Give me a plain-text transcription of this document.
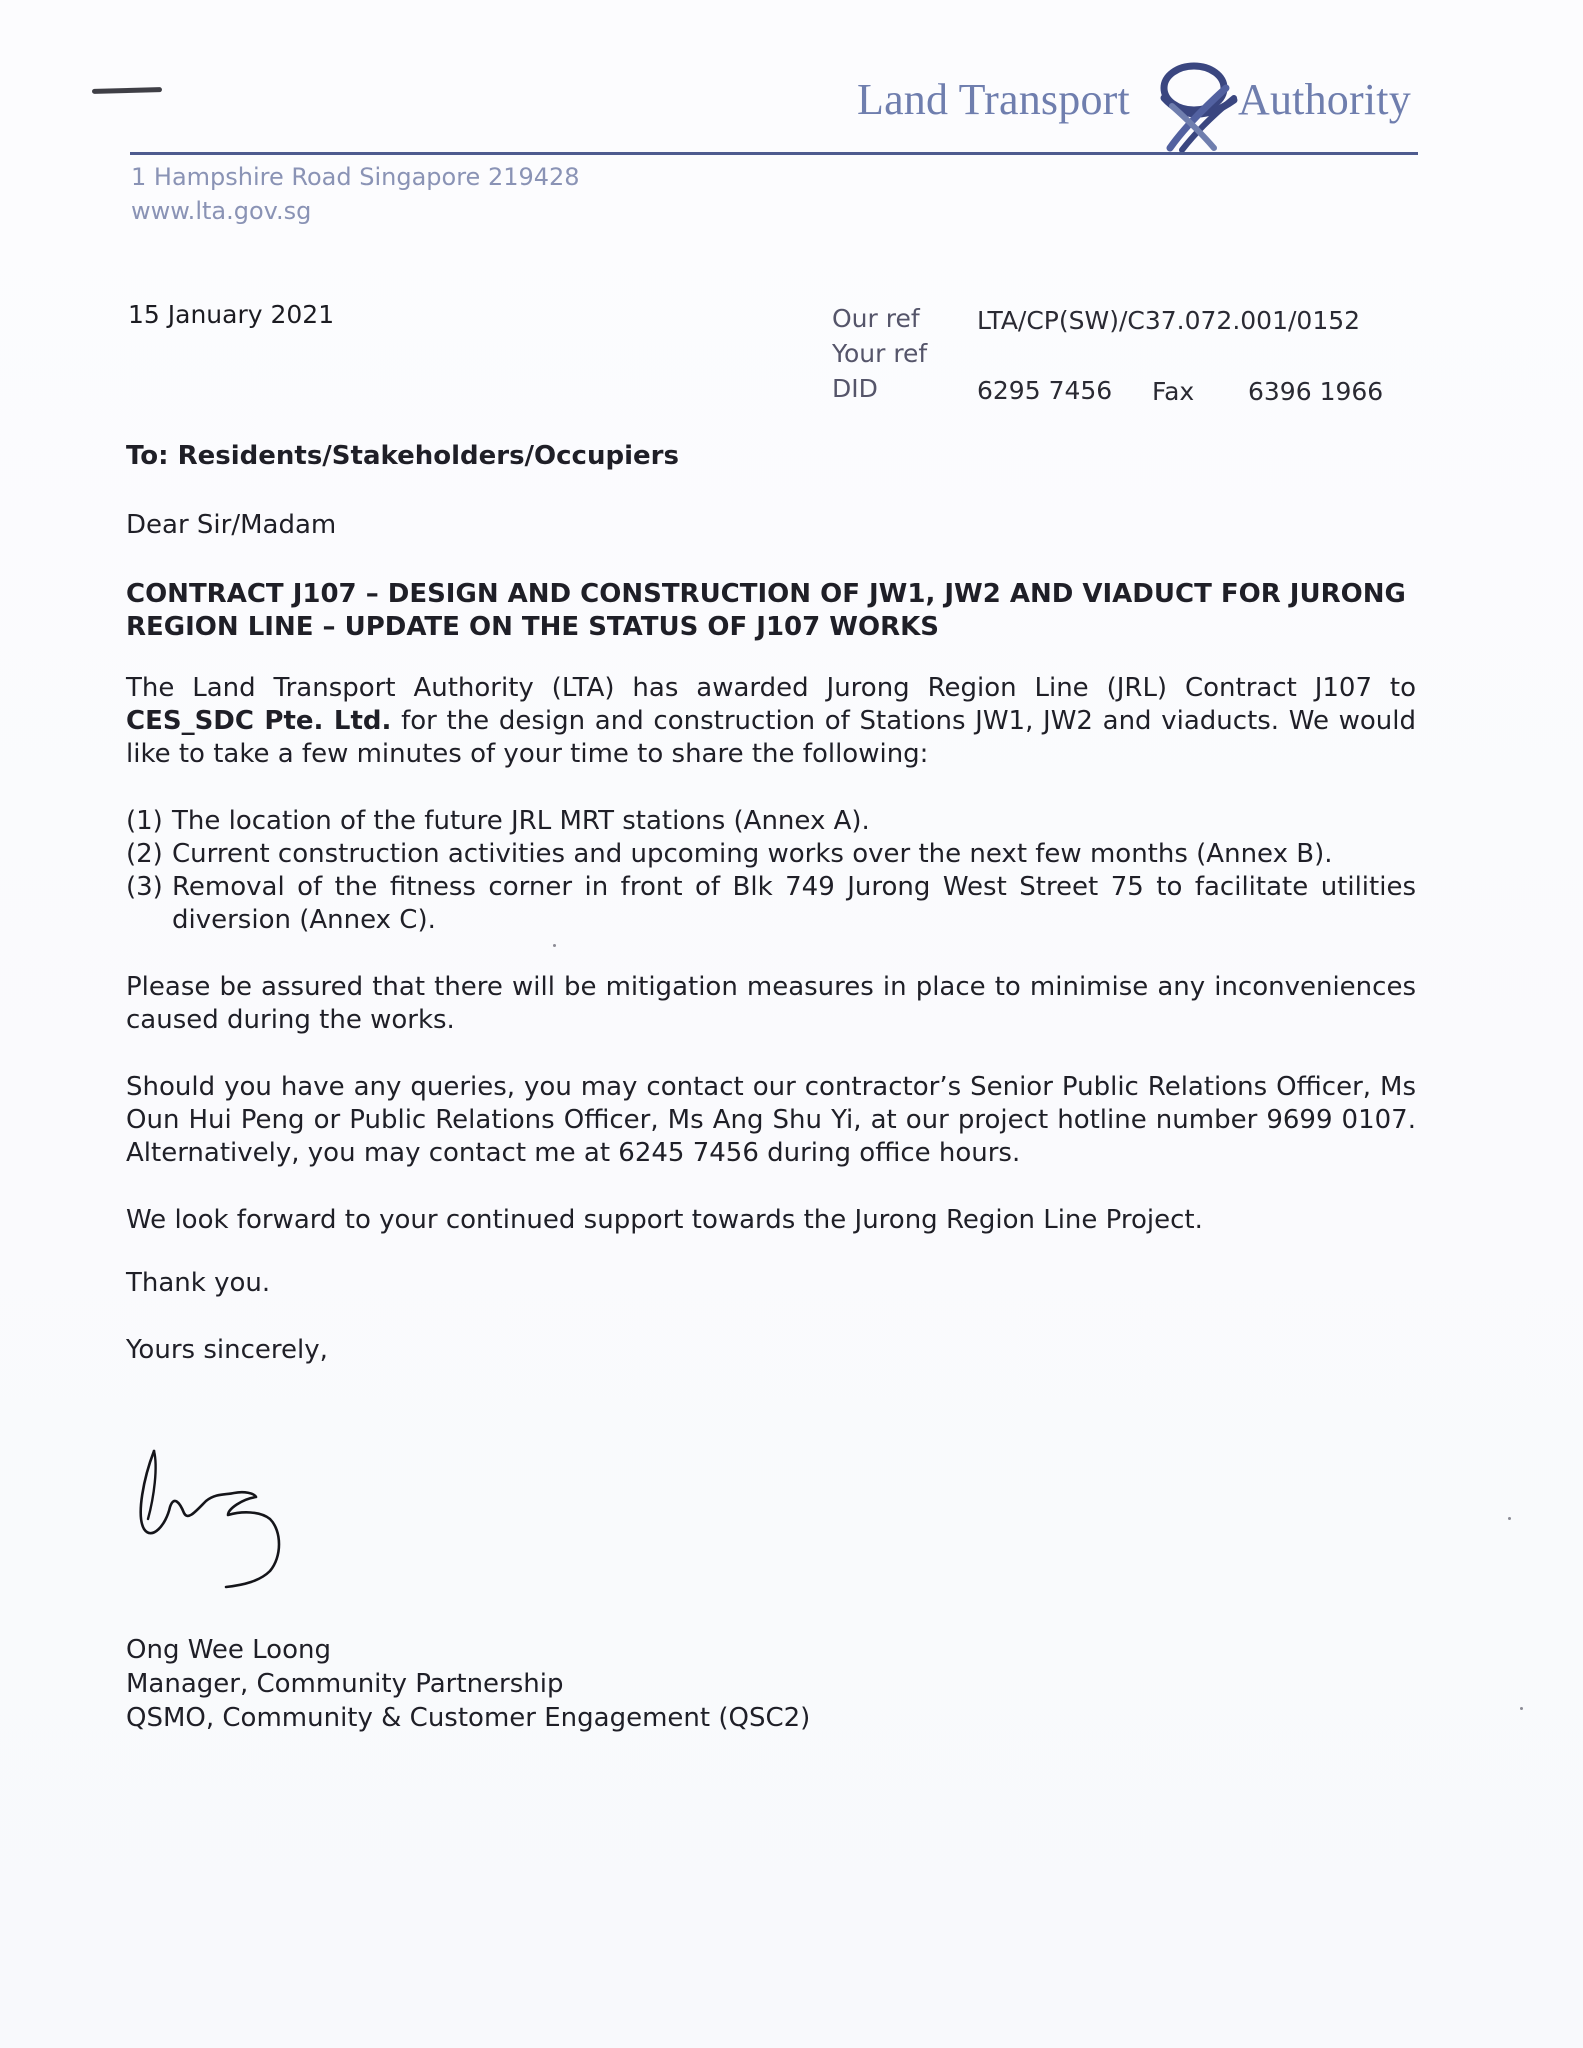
Land Transport Authority
1 Hampshire Road Singapore 219428
www.lta.gov.sg
15 January 2021	Our ref LTA/CP(SW)/C37.072.001/0152
Your ref
DID	6295 7456 Fax 6396 1966

To: Residents/Stakeholders/Occupiers

Dear Sir/Madam

CONTRACT J107 – DESIGN AND CONSTRUCTION OF JW1, JW2 AND VIADUCT FOR JURONG REGION LINE – UPDATE ON THE STATUS OF J107 WORKS

The Land Transport Authority (LTA) has awarded Jurong Region Line (JRL) Contract J107 to CES_SDC Pte. Ltd. for the design and construction of Stations JW1, JW2 and viaducts. We would like to take a few minutes of your time to share the following:

(1) The location of the future JRL MRT stations (Annex A).
(2) Current construction activities and upcoming works over the next few months (Annex B).
(3) Removal of the fitness corner in front of Blk 749 Jurong West Street 75 to facilitate utilities diversion (Annex C).

Please be assured that there will be mitigation measures in place to minimise any inconveniences caused during the works.

Should you have any queries, you may contact our contractor’s Senior Public Relations Officer, Ms Oun Hui Peng or Public Relations Officer, Ms Ang Shu Yi, at our project hotline number 9699 0107. Alternatively, you may contact me at 6245 7456 during office hours.

We look forward to your continued support towards the Jurong Region Line Project.

Thank you.

Yours sincerely,

Ong Wee Loong
Manager, Community Partnership
QSMO, Community & Customer Engagement (QSC2)
